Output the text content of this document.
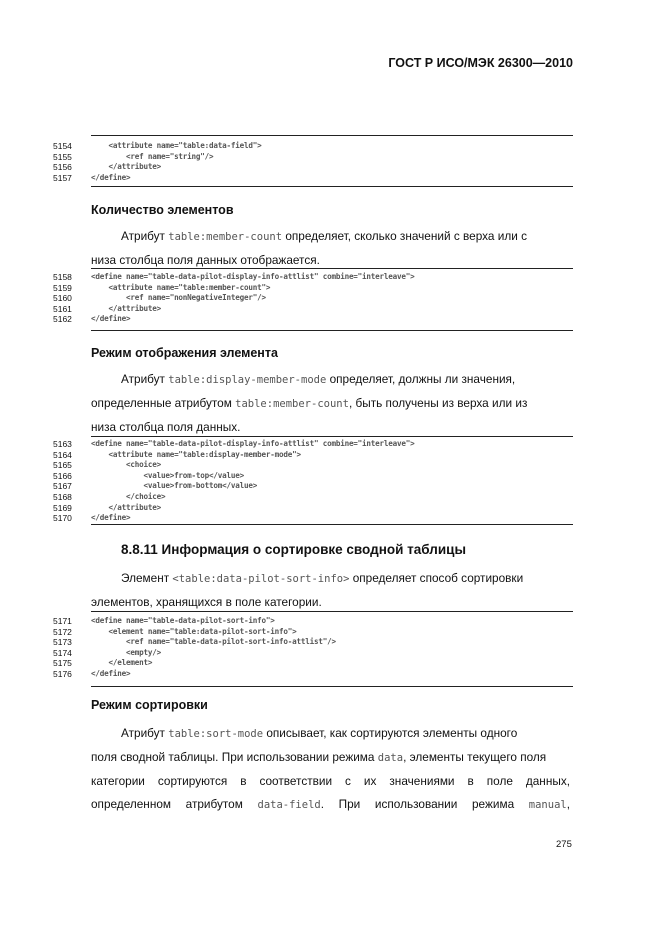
ГОСТ Р ИСО/МЭК 26300—2010
5154	<attribute name="table:data-field">
5155	<ref name="string"/>
5156	</attribute>
5157	</define>
Количество элементов
Атрибут table:member-count определяет, сколько значений с верха или с
низа столбца поля данных отображается.
5158	<define name="table-data-pilot-display-info-attlist" combine="interleave">
5159	<attribute name="table:member-count">
5160	<ref name="nonNegativeInteger"/>
5161	</attribute>
5162	</define>
Режим отображения элемента
Атрибут table:display-member-mode определяет, должны ли значения,
определенные атрибутом table:member-count, быть получены из верха или из
низа столбца поля данных.
5163	<define name="table-data-pilot-display-info-attlist" combine="interleave">
5164	<attribute name="table:display-member-mode">
5165	<choice>
5166	<value>from-top</value>
5167	<value>from-bottom</value>
5168	</choice>
5169	</attribute>
5170	</define>
8.8.11 Информация о сортировке сводной таблицы
Элемент <table:data-pilot-sort-info> определяет способ сортировки
элементов, хранящихся в поле категории.
5171	<define name="table-data-pilot-sort-info">
5172	<element name="table:data-pilot-sort-info">
5173	<ref name="table-data-pilot-sort-info-attlist"/>
5174	<empty/>
5175	</element>
5176	</define>
Режим сортировки
Атрибут table:sort-mode описывает, как сортируются элементы одного
поля сводной таблицы. При использовании режима data, элементы текущего поля
категории сортируются в соответствии с их значениями в поле данных,
определенном атрибутом data-field. При использовании режима manual,
275
